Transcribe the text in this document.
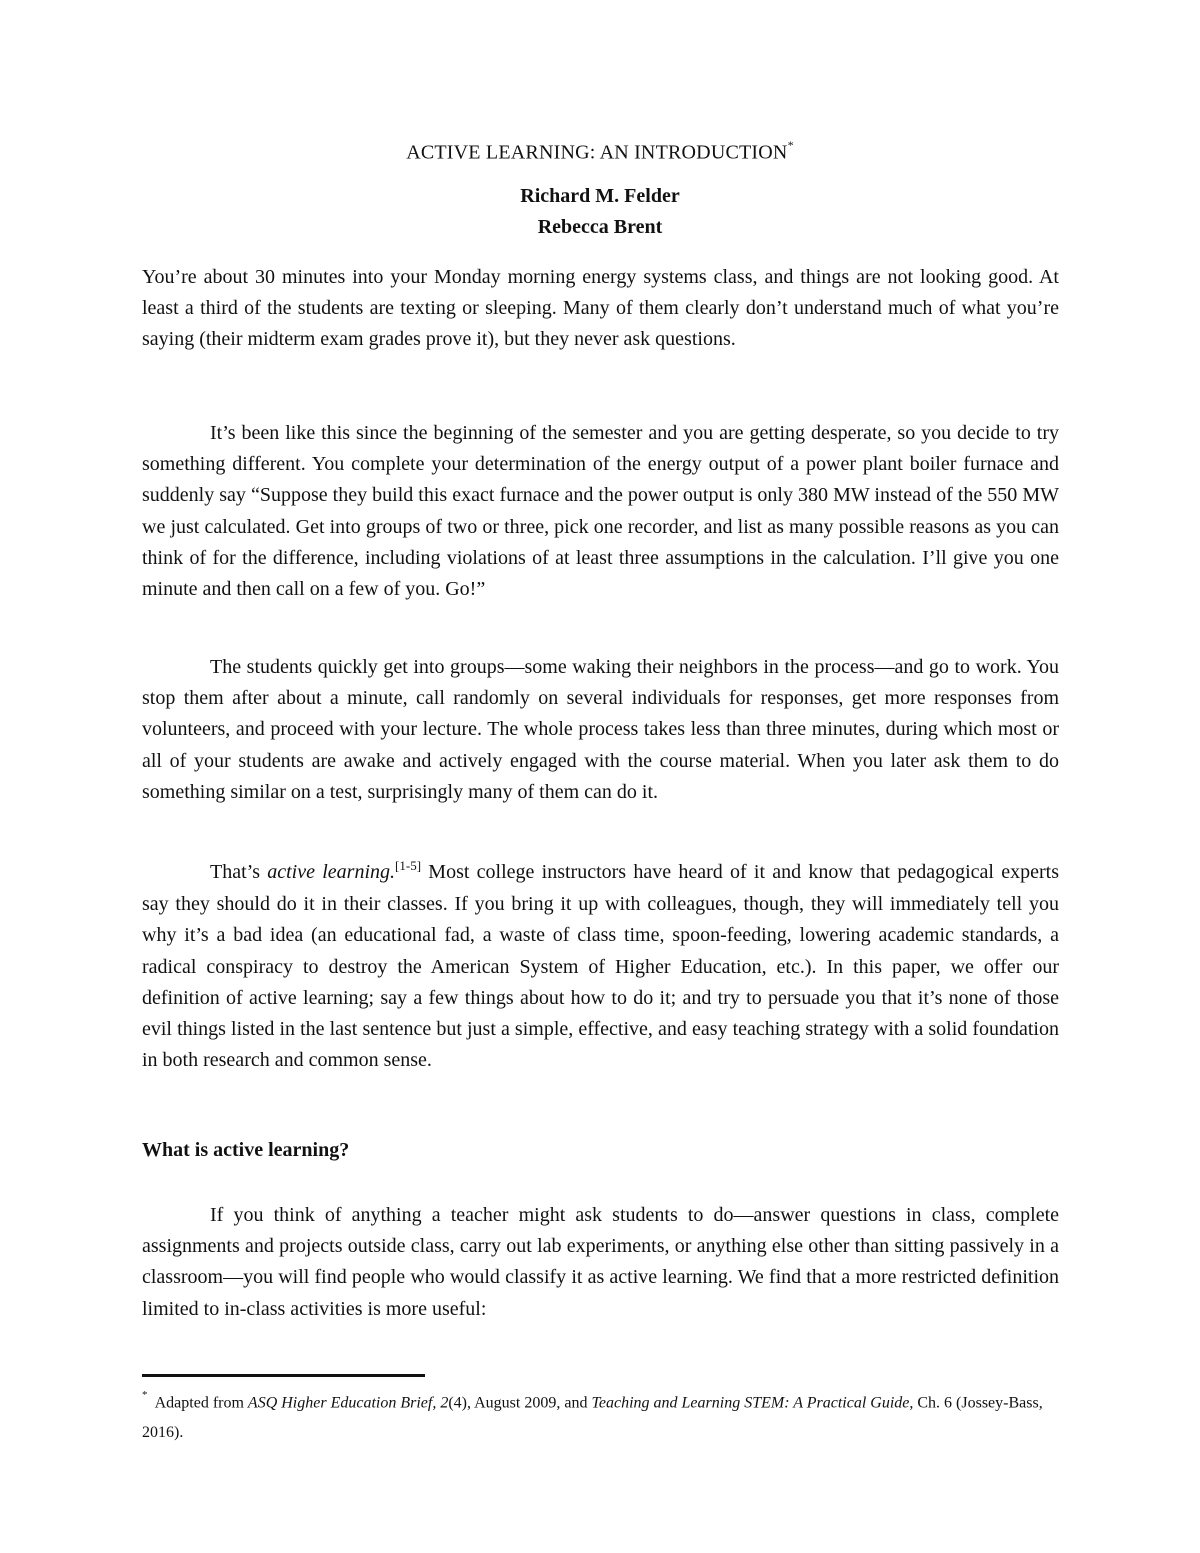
ACTIVE LEARNING: AN INTRODUCTION*
Richard M. Felder
Rebecca Brent

You’re about 30 minutes into your Monday morning energy systems class, and things are not looking good. At least a third of the students are texting or sleeping. Many of them clearly don’t understand much of what you’re saying (their midterm exam grades prove it), but they never ask questions.

It’s been like this since the beginning of the semester and you are getting desperate, so you decide to try something different. You complete your determination of the energy output of a power plant boiler furnace and suddenly say “Suppose they build this exact furnace and the power output is only 380 MW instead of the 550 MW we just calculated. Get into groups of two or three, pick one recorder, and list as many possible reasons as you can think of for the difference, including violations of at least three assumptions in the calculation. I’ll give you one minute and then call on a few of you. Go!”

The students quickly get into groups—some waking their neighbors in the process—and go to work. You stop them after about a minute, call randomly on several individuals for responses, get more responses from volunteers, and proceed with your lecture. The whole process takes less than three minutes, during which most or all of your students are awake and actively engaged with the course material. When you later ask them to do something similar on a test, surprisingly many of them can do it.

That’s active learning.[1-5] Most college instructors have heard of it and know that pedagogical experts say they should do it in their classes. If you bring it up with colleagues, though, they will immediately tell you why it’s a bad idea (an educational fad, a waste of class time, spoon-feeding, lowering academic standards, a radical conspiracy to destroy the American System of Higher Education, etc.). In this paper, we offer our definition of active learning; say a few things about how to do it; and try to persuade you that it’s none of those evil things listed in the last sentence but just a simple, effective, and easy teaching strategy with a solid foundation in both research and common sense.

What is active learning?

If you think of anything a teacher might ask students to do—answer questions in class, complete assignments and projects outside class, carry out lab experiments, or anything else other than sitting passively in a classroom—you will find people who would classify it as active learning. We find that a more restricted definition limited to in-class activities is more useful:

* Adapted from ASQ Higher Education Brief, 2(4), August 2009, and Teaching and Learning STEM: A Practical Guide, Ch. 6 (Jossey-Bass, 2016).
